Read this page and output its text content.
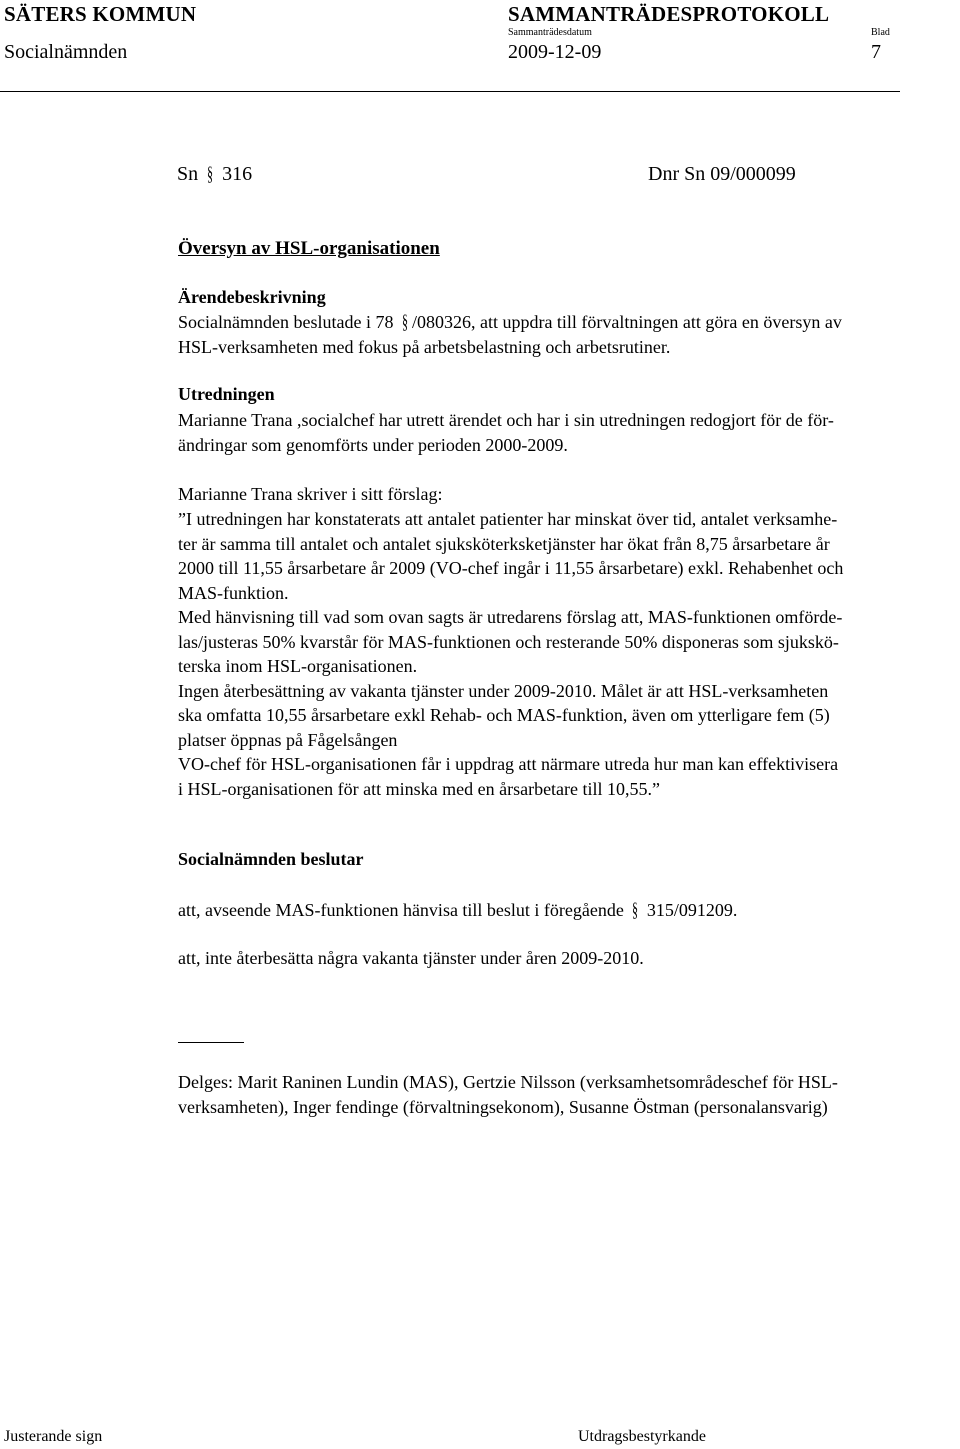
SÄTERS KOMMUN	SAMMANTRÄDESPROTOKOLL
Sammanträdesdatum	Blad
Socialnämnden	2009-12-09	7
Sn § 316	Dnr Sn 09/000099
Översyn av HSL-organisationen
Ärendebeskrivning
Socialnämnden beslutade i 78 § /080326, att uppdra till förvaltningen att göra en översyn av
HSL-verksamheten med fokus på arbetsbelastning och arbetsrutiner.
Utredningen
Marianne Trana ,socialchef har utrett ärendet och har i sin utredningen redogjort för de för-
ändringar som genomförts under perioden 2000-2009.
Marianne Trana skriver i sitt förslag:
”I utredningen har konstaterats att antalet patienter har minskat över tid, antalet verksamhe-
ter är samma till antalet och antalet sjuksköterksketjänster har ökat från 8,75 årsarbetare år
2000 till 11,55 årsarbetare år 2009 (VO-chef ingår i 11,55 årsarbetare) exkl. Rehabenhet och
MAS-funktion.
Med hänvisning till vad som ovan sagts är utredarens förslag att, MAS-funktionen omfördе-
las/justeras 50% kvarstår för MAS-funktionen och resterande 50% disponeras som sjukskö-
terska inom HSL-organisationen.
Ingen återbesättning av vakanta tjänster under 2009-2010. Målet är att HSL-verksamheten
ska omfatta 10,55 årsarbetare exkl Rehab- och MAS-funktion, även om ytterligare fem (5)
platser öppnas på Fågelsången
VO-chef för HSL-organisationen får i uppdrag att närmare utreda hur man kan effektivisera
i HSL-organisationen för att minska med en årsarbetare till 10,55.”
Socialnämnden beslutar
att, avseende MAS-funktionen hänvisa till beslut i föregående § 315/091209.
att, inte återbesätta några vakanta tjänster under åren 2009-2010.
Delges: Marit Raninen Lundin (MAS), Gertzie Nilsson (verksamhetsområdeschef för HSL-
verksamheten), Inger fendinge (förvaltningsekonom), Susanne Östman (personalansvarig)
Justerande sign	Utdragsbestyrkande
